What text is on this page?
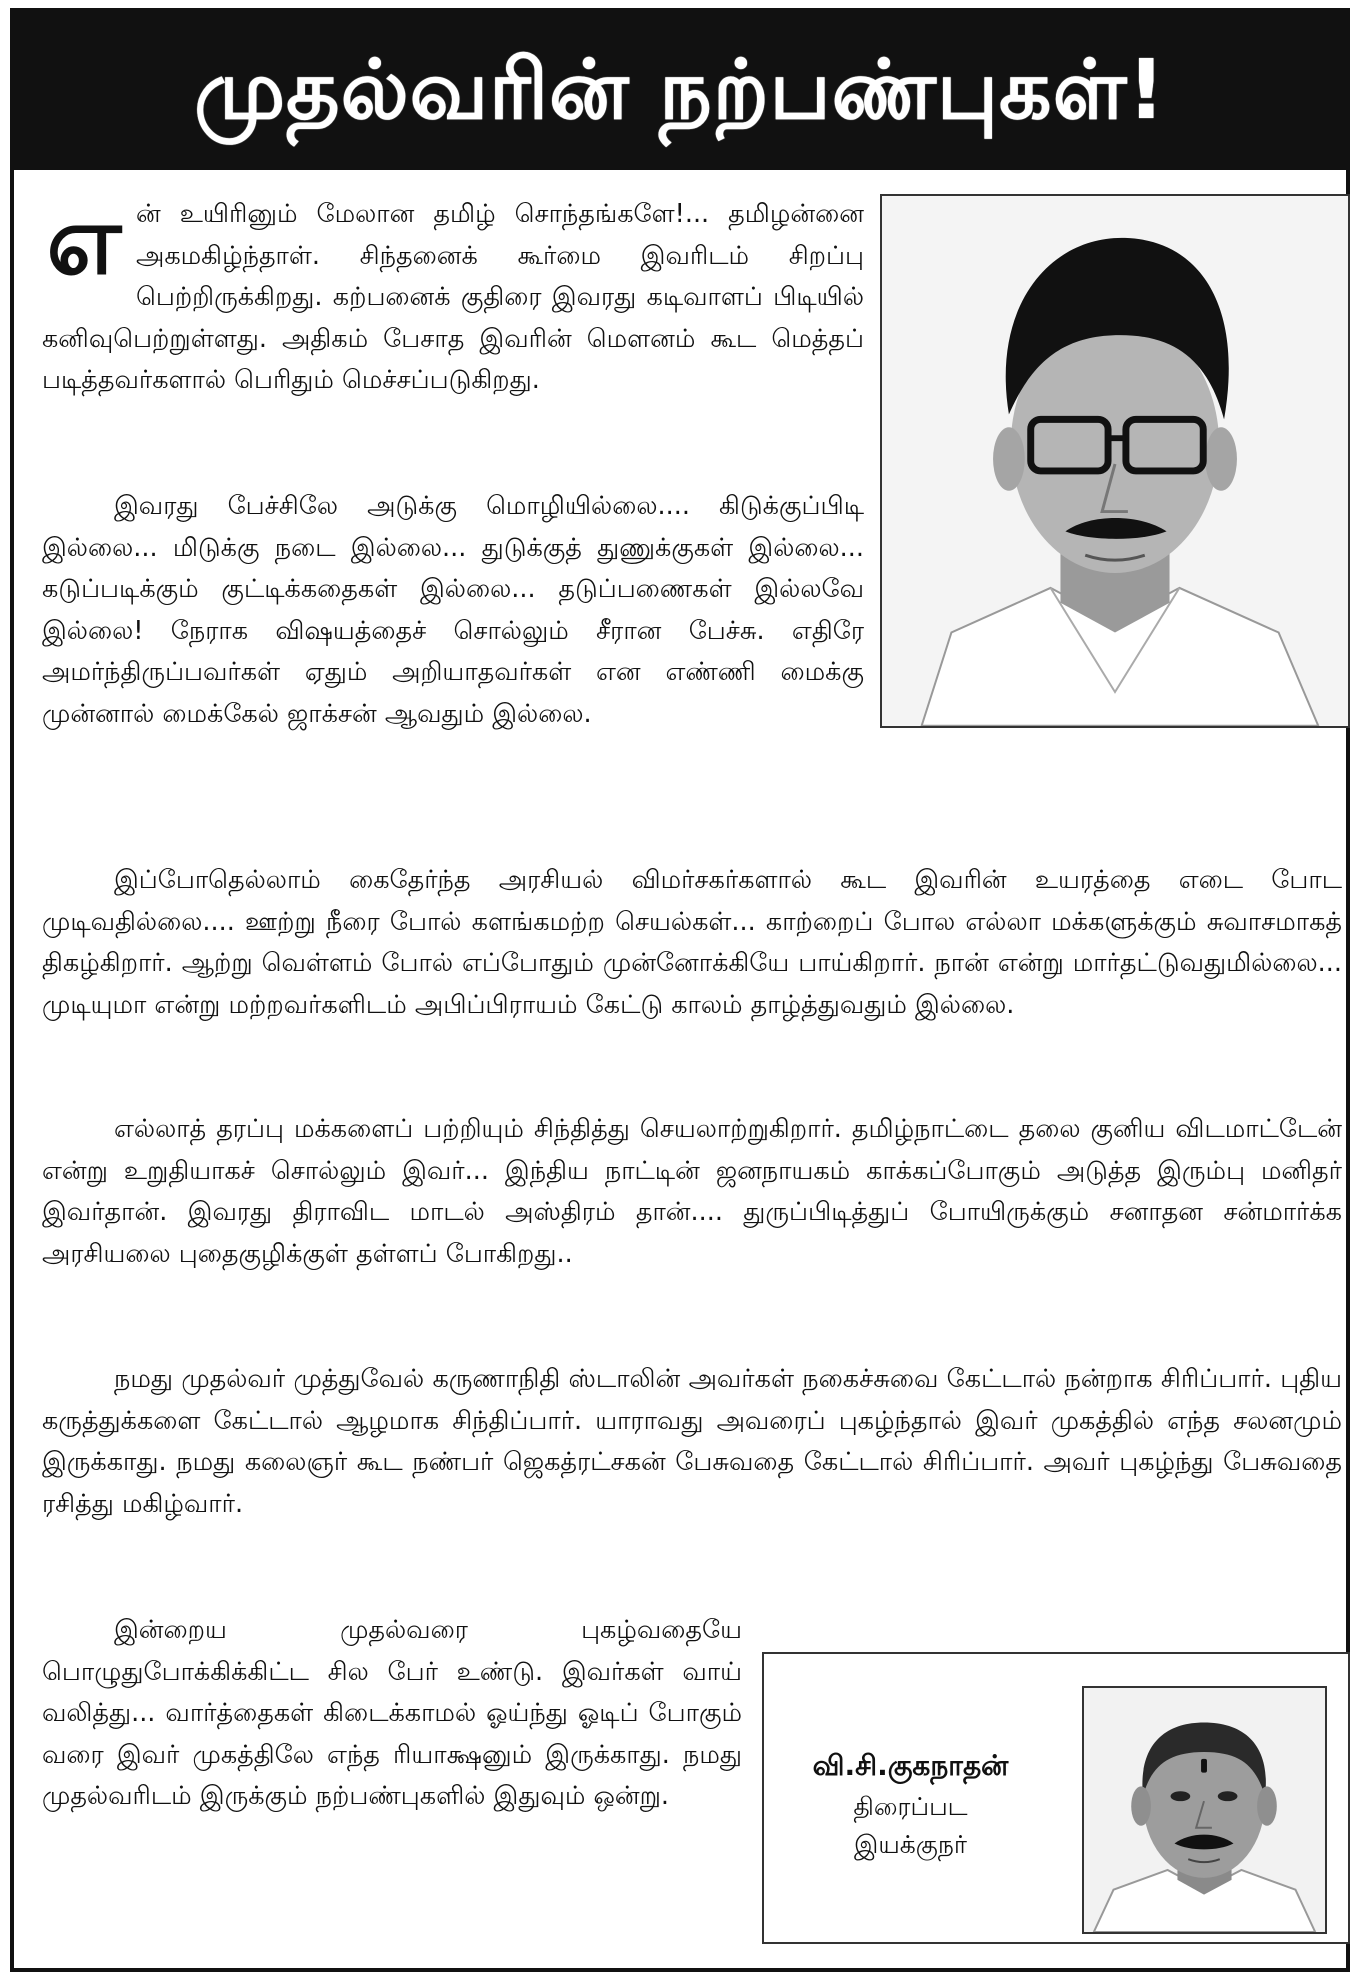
முதல்வரின் நற்பண்புகள்!

என் உயிரினும் மேலான தமிழ் சொந்தங்களே!... தமிழன்னை அகமகிழ்ந்தாள். சிந்தனைக் கூர்மை இவரிடம் சிறப்பு பெற்றிருக்கிறது. கற்பனைக் குதிரை இவரது கடிவாளப் பிடியில் கனிவுபெற்றுள்ளது. அதிகம் பேசாத இவரின் மௌனம் கூட மெத்தப் படித்தவர்களால் பெரிதும் மெச்சப்படுகிறது.

இவரது பேச்சிலே அடுக்கு மொழியில்லை.... கிடுக்குப்பிடி இல்லை... மிடுக்கு நடை இல்லை... துடுக்குத் துணுக்குகள் இல்லை... கடுப்படிக்கும் குட்டிக்கதைகள் இல்லை... தடுப்பணைகள் இல்லவே இல்லை! நேராக விஷயத்தைச் சொல்லும் சீரான பேச்சு. எதிரே அமர்ந்திருப்பவர்கள் ஏதும் அறியாதவர்கள் என எண்ணி மைக்கு முன்னால் மைக்கேல் ஜாக்சன் ஆவதும் இல்லை.

இப்போதெல்லாம் கைதேர்ந்த அரசியல் விமர்சகர்களால் கூட இவரின் உயரத்தை எடை போட முடிவதில்லை.... ஊற்று நீரை போல் களங்கமற்ற செயல்கள்... காற்றைப் போல எல்லா மக்களுக்கும் சுவாசமாகத் திகழ்கிறார். ஆற்று வெள்ளம் போல் எப்போதும் முன்னோக்கியே பாய்கிறார். நான் என்று மார்தட்டுவதுமில்லை... முடியுமா என்று மற்றவர்களிடம் அபிப்பிராயம் கேட்டு காலம் தாழ்த்துவதும் இல்லை.

எல்லாத் தரப்பு மக்களைப் பற்றியும் சிந்தித்து செயலாற்றுகிறார். தமிழ்நாட்டை தலை குனிய விடமாட்டேன் என்று உறுதியாகச் சொல்லும் இவர்... இந்திய நாட்டின் ஜனநாயகம் காக்கப்போகும் அடுத்த இரும்பு மனிதர் இவர்தான். இவரது திராவிட மாடல் அஸ்திரம் தான்.... துருப்பிடித்துப் போயிருக்கும் சனாதன சன்மார்க்க அரசியலை புதைகுழிக்குள் தள்ளப் போகிறது..

நமது முதல்வர் முத்துவேல் கருணாநிதி ஸ்டாலின் அவர்கள் நகைச்சுவை கேட்டால் நன்றாக சிரிப்பார். புதிய கருத்துக்களை கேட்டால் ஆழமாக சிந்திப்பார். யாராவது அவரைப் புகழ்ந்தால் இவர் முகத்தில் எந்த சலனமும் இருக்காது. நமது கலைஞர் கூட நண்பர் ஜெகத்ரட்சகன் பேசுவதை கேட்டால் சிரிப்பார். அவர் புகழ்ந்து பேசுவதை ரசித்து மகிழ்வார்.

இன்றைய முதல்வரை புகழ்வதையே பொழுதுபோக்கிக்கிட்ட சில பேர் உண்டு. இவர்கள் வாய் வலித்து... வார்த்தைகள் கிடைக்காமல் ஓய்ந்து ஓடிப் போகும் வரை இவர் முகத்திலே எந்த ரியாக்ஷனும் இருக்காது. நமது முதல்வரிடம் இருக்கும் நற்பண்புகளில் இதுவும் ஒன்று.

வி.சி.குகநாதன்
திரைப்பட
இயக்குநர்
